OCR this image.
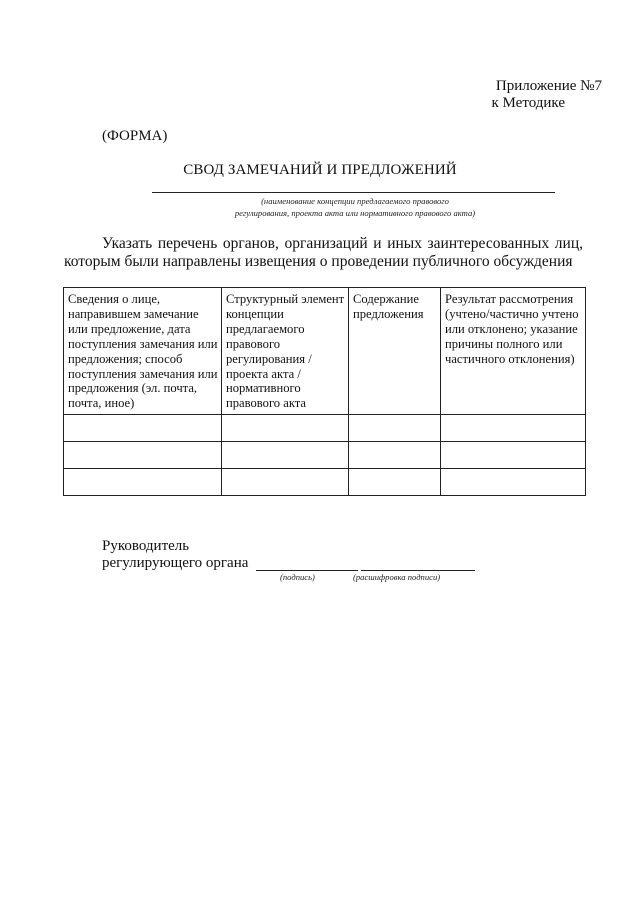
Приложение №7
к Методике
(ФОРМА)
СВОД ЗАМЕЧАНИЙ И ПРЕДЛОЖЕНИЙ
(наименование концепции предлагаемого правового
регулирования, проекта акта или нормативного правового акта)
Указать перечень органов, организаций и иных заинтересованных лиц, которым были направлены извещения о проведении публичного обсуждения
Сведения о лице, направившем замечание или предложение, дата поступления замечания или предложения; способ поступления замечания или предложения (эл. почта, почта, иное)	Структурный элемент концепции предлагаемого правового регулирования / проекта акта / нормативного правового акта	Содержание предложения	Результат рассмотрения (учтено/частично учтено или отклонено; указание причины полного или частичного отклонения)

Руководитель
регулирующего органа
(подпись)	(расшифровка подписи)
